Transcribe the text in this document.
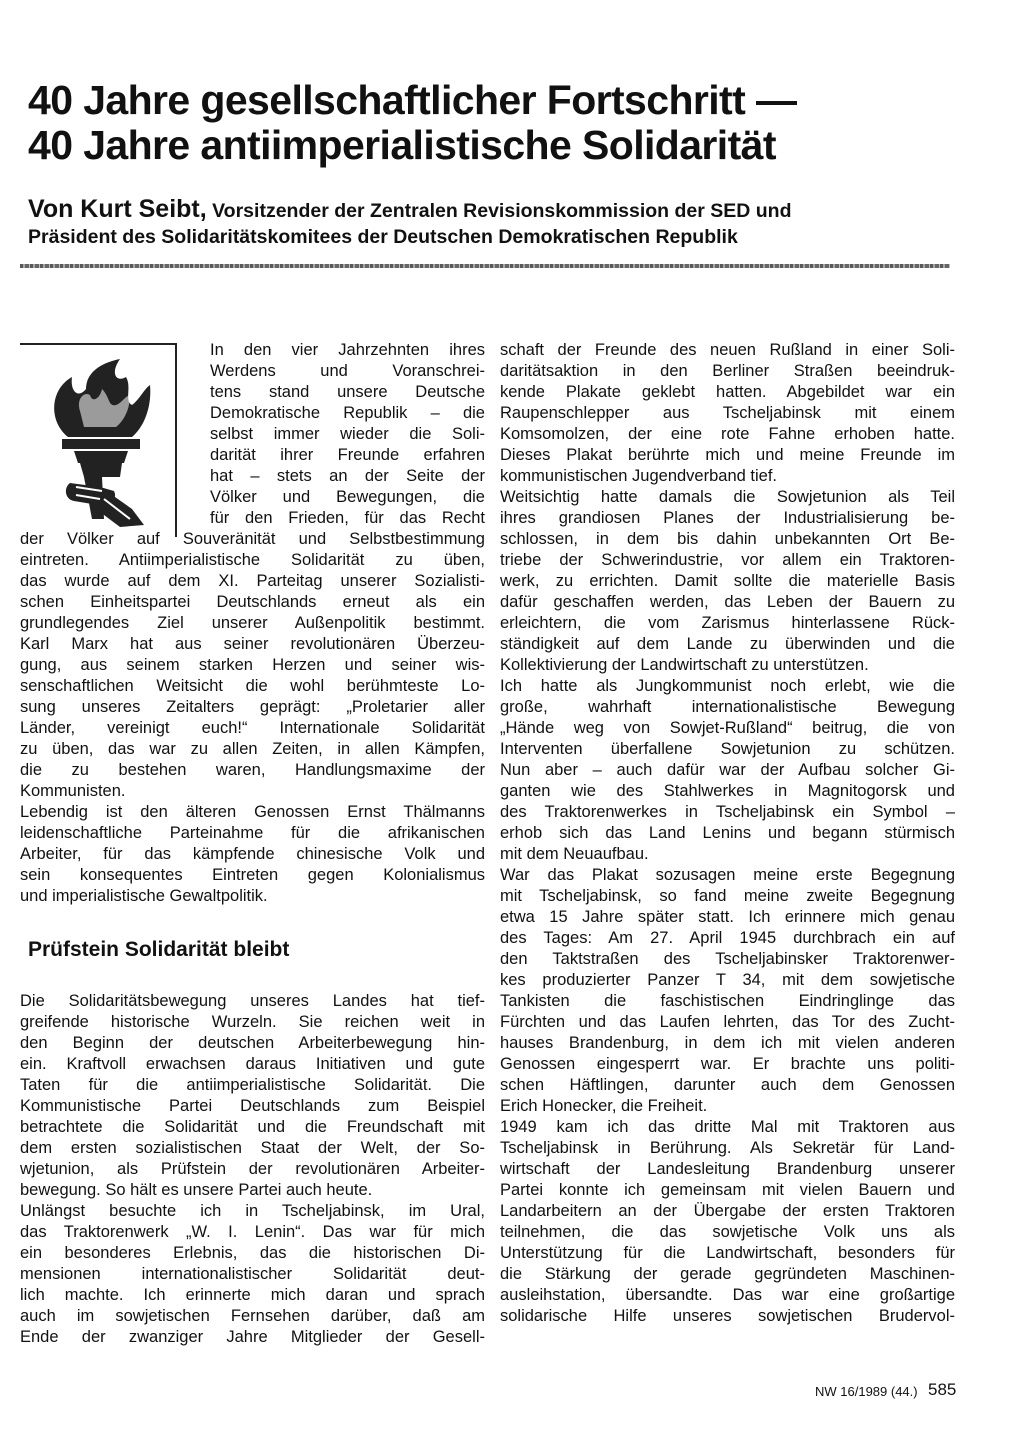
40 Jahre gesellschaftlicher Fortschritt —
40 Jahre antiimperialistische Solidarität
Von Kurt Seibt, Vorsitzender der Zentralen Revisionskommission der SED und
Präsident des Solidaritätskomitees der Deutschen Demokratischen Republik
In den vier Jahrzehnten ihres
Werdens und Voranschrei-
tens stand unsere Deutsche
Demokratische Republik – die
selbst immer wieder die Soli-
darität ihrer Freunde erfahren
hat – stets an der Seite der
Völker und Bewegungen, die
für den Frieden, für das Recht
der Völker auf Souveränität und Selbstbestimmung
eintreten. Antiimperialistische Solidarität zu üben,
das wurde auf dem XI. Parteitag unserer Sozialisti-
schen Einheitspartei Deutschlands erneut als ein
grundlegendes Ziel unserer Außenpolitik bestimmt.
Karl Marx hat aus seiner revolutionären Überzeu-
gung, aus seinem starken Herzen und seiner wis-
senschaftlichen Weitsicht die wohl berühmteste Lo-
sung unseres Zeitalters geprägt: „Proletarier aller
Länder, vereinigt euch!“ Internationale Solidarität
zu üben, das war zu allen Zeiten, in allen Kämpfen,
die zu bestehen waren, Handlungsmaxime der
Kommunisten.
Lebendig ist den älteren Genossen Ernst Thälmanns
leidenschaftliche Parteinahme für die afrikanischen
Arbeiter, für das kämpfende chinesische Volk und
sein konsequentes Eintreten gegen Kolonialismus
und imperialistische Gewaltpolitik.
Prüfstein Solidarität bleibt
Die Solidaritätsbewegung unseres Landes hat tief-
greifende historische Wurzeln. Sie reichen weit in
den Beginn der deutschen Arbeiterbewegung hin-
ein. Kraftvoll erwachsen daraus Initiativen und gute
Taten für die antiimperialistische Solidarität. Die
Kommunistische Partei Deutschlands zum Beispiel
betrachtete die Solidarität und die Freundschaft mit
dem ersten sozialistischen Staat der Welt, der So-
wjetunion, als Prüfstein der revolutionären Arbeiter-
bewegung. So hält es unsere Partei auch heute.
Unlängst besuchte ich in Tscheljabinsk, im Ural,
das Traktorenwerk „W. I. Lenin“. Das war für mich
ein besonderes Erlebnis, das die historischen Di-
mensionen internationalistischer Solidarität deut-
lich machte. Ich erinnerte mich daran und sprach
auch im sowjetischen Fernsehen darüber, daß am
Ende der zwanziger Jahre Mitglieder der Gesell-
schaft der Freunde des neuen Rußland in einer Soli-
daritätsaktion in den Berliner Straßen beeindruk-
kende Plakate geklebt hatten. Abgebildet war ein
Raupenschlepper aus Tscheljabinsk mit einem
Komsomolzen, der eine rote Fahne erhoben hatte.
Dieses Plakat berührte mich und meine Freunde im
kommunistischen Jugendverband tief.
Weitsichtig hatte damals die Sowjetunion als Teil
ihres grandiosen Planes der Industrialisierung be-
schlossen, in dem bis dahin unbekannten Ort Be-
triebe der Schwerindustrie, vor allem ein Traktoren-
werk, zu errichten. Damit sollte die materielle Basis
dafür geschaffen werden, das Leben der Bauern zu
erleichtern, die vom Zarismus hinterlassene Rück-
ständigkeit auf dem Lande zu überwinden und die
Kollektivierung der Landwirtschaft zu unterstützen.
Ich hatte als Jungkommunist noch erlebt, wie die
große, wahrhaft internationalistische Bewegung
„Hände weg von Sowjet-Rußland“ beitrug, die von
Interventen überfallene Sowjetunion zu schützen.
Nun aber – auch dafür war der Aufbau solcher Gi-
ganten wie des Stahlwerkes in Magnitogorsk und
des Traktorenwerkes in Tscheljabinsk ein Symbol –
erhob sich das Land Lenins und begann stürmisch
mit dem Neuaufbau.
War das Plakat sozusagen meine erste Begegnung
mit Tscheljabinsk, so fand meine zweite Begegnung
etwa 15 Jahre später statt. Ich erinnere mich genau
des Tages: Am 27. April 1945 durchbrach ein auf
den Taktstraßen des Tscheljabinsker Traktorenwer-
kes produzierter Panzer T 34, mit dem sowjetische
Tankisten die faschistischen Eindringlinge das
Fürchten und das Laufen lehrten, das Tor des Zucht-
hauses Brandenburg, in dem ich mit vielen anderen
Genossen eingesperrt war. Er brachte uns politi-
schen Häftlingen, darunter auch dem Genossen
Erich Honecker, die Freiheit.
1949 kam ich das dritte Mal mit Traktoren aus
Tscheljabinsk in Berührung. Als Sekretär für Land-
wirtschaft der Landesleitung Brandenburg unserer
Partei konnte ich gemeinsam mit vielen Bauern und
Landarbeitern an der Übergabe der ersten Traktoren
teilnehmen, die das sowjetische Volk uns als
Unterstützung für die Landwirtschaft, besonders für
die Stärkung der gerade gegründeten Maschinen-
ausleihstation, übersandte. Das war eine großartige
solidarische Hilfe unseres sowjetischen Brudervol-
NW 16/1989 (44.) 585
